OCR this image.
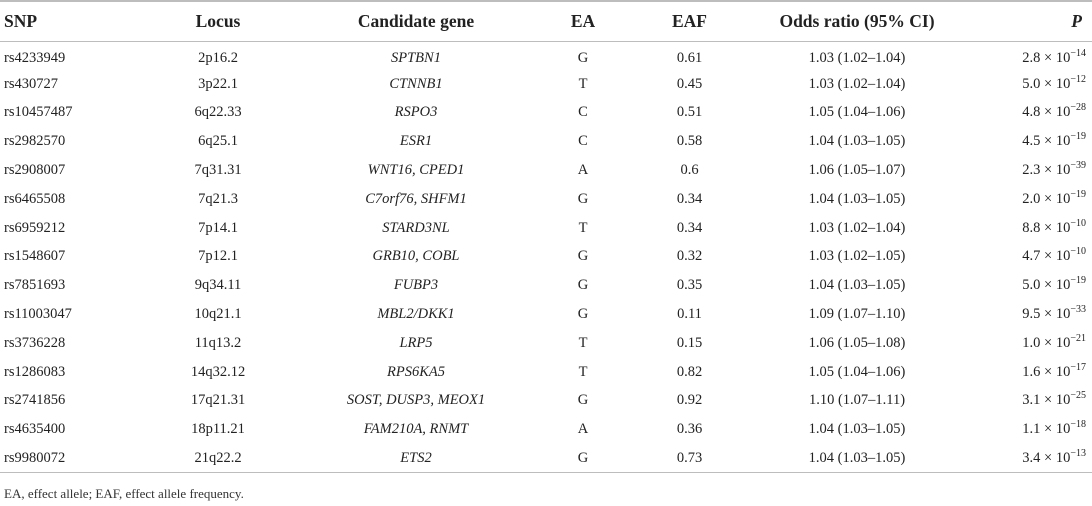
SNP	Locus	Candidate gene	EA	EAF	Odds ratio (95% CI)	P
rs4233949	2p16.2	SPTBN1	G	0.61	1.03 (1.02–1.04)	$2.8 \times 10^{-14}$
rs430727	3p22.1	CTNNB1	T	0.45	1.03 (1.02–1.04)	$5.0 \times 10^{-12}$
rs10457487	6q22.33	RSPO3	C	0.51	1.05 (1.04–1.06)	$4.8 \times 10^{-28}$
rs2982570	6q25.1	ESR1	C	0.58	1.04 (1.03–1.05)	$4.5 \times 10^{-19}$
rs2908007	7q31.31	WNT16, CPED1	A	0.6	1.06 (1.05–1.07)	$2.3 \times 10^{-39}$
rs6465508	7q21.3	C7orf76, SHFM1	G	0.34	1.04 (1.03–1.05)	$2.0 \times 10^{-19}$
rs6959212	7p14.1	STARD3NL	T	0.34	1.03 (1.02–1.04)	$8.8 \times 10^{-10}$
rs1548607	7p12.1	GRB10, COBL	G	0.32	1.03 (1.02–1.05)	$4.7 \times 10^{-10}$
rs7851693	9q34.11	FUBP3	G	0.35	1.04 (1.03–1.05)	$5.0 \times 10^{-19}$
rs11003047	10q21.1	MBL2/DKK1	G	0.11	1.09 (1.07–1.10)	$9.5 \times 10^{-33}$
rs3736228	11q13.2	LRP5	T	0.15	1.06 (1.05–1.08)	$1.0 \times 10^{-21}$
rs1286083	14q32.12	RPS6KA5	T	0.82	1.05 (1.04–1.06)	$1.6 \times 10^{-17}$
rs2741856	17q21.31	SOST, DUSP3, MEOX1	G	0.92	1.10 (1.07–1.11)	$3.1 \times 10^{-25}$
rs4635400	18p11.21	FAM210A, RNMT	A	0.36	1.04 (1.03–1.05)	$1.1 \times 10^{-18}$
rs9980072	21q22.2	ETS2	G	0.73	1.04 (1.03–1.05)	$3.4 \times 10^{-13}$
EA, effect allele; EAF, effect allele frequency.
